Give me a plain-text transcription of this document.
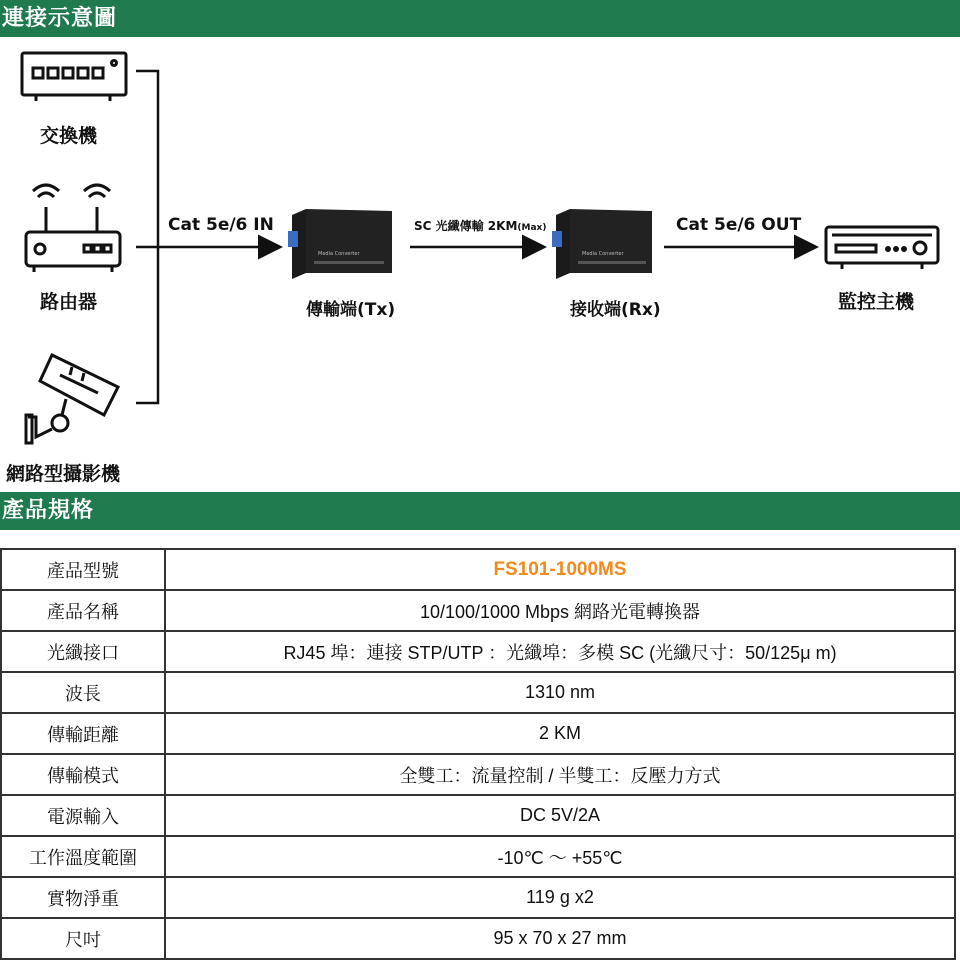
連接示意圖
Media Converter	Media Converter
交換機
路由器
網路型攝影機
Cat 5e/6 IN	SC 光纖傳輸 2KM(Max)	Cat 5e/6 OUT
傳輸端(Tx)	接收端(Rx)	監控主機
產品規格
產品型號	FS101-1000MS
產品名稱	10/100/1000 Mbps 網路光電轉換器
光纖接口	RJ45 埠：連接 STP/UTP ：光纖埠：多模 SC (光纖尺寸：50/125μ m)
波長	1310 nm
傳輸距離	2 KM
傳輸模式	全雙工：流量控制 / 半雙工：反壓力方式
電源輸入	DC 5V/2A
工作溫度範圍	-10℃ ～ +55℃
實物淨重	119 g x2
尺吋	95 x 70 x 27 mm
